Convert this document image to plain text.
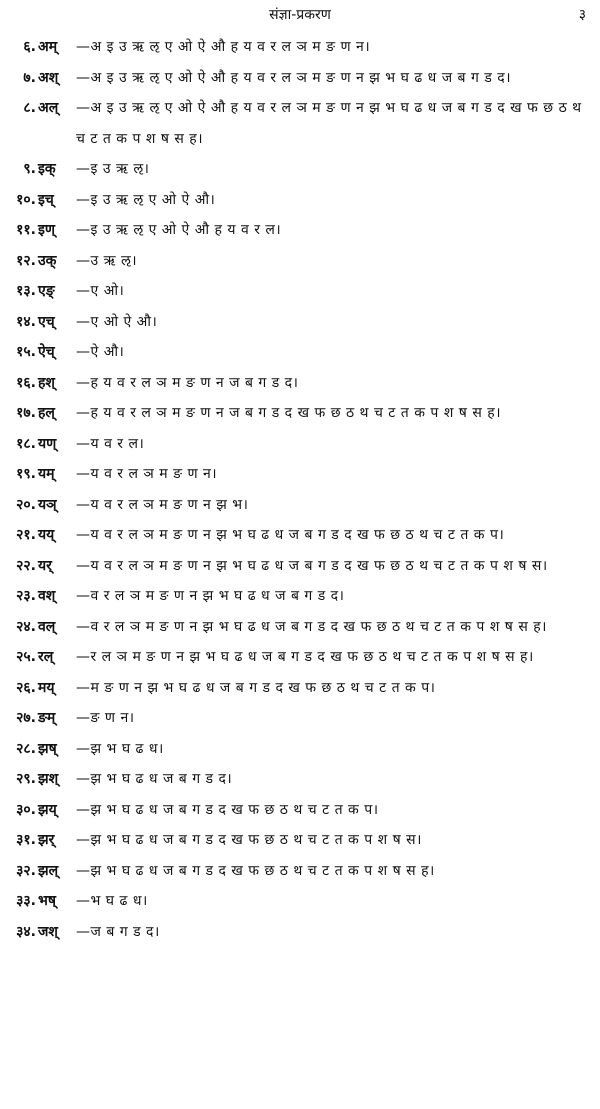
संज्ञा-प्रकरण	३
६. अम् —अ इ उ ऋ ऌ ए ओ ऐ औ ह य व र ल ञ म ङ ण न।
७. अश् —अ इ उ ऋ ऌ ए ओ ऐ औ ह य व र ल ञ म ङ ण न झ भ घ ढ ध ज ब ग ड द।
८. अल् —अ इ उ ऋ ऌ ए ओ ऐ औ ह य व र ल ञ म ङ ण न झ भ घ ढ ध ज ब ग ड द ख फ छ ठ थ च ट त क प श ष स ह।
९. इक् —इ उ ऋ ऌ।
१०. इच् —इ उ ऋ ऌ ए ओ ऐ औ।
११. इण् —इ उ ऋ ऌ ए ओ ऐ औ ह य व र ल।
१२. उक् —उ ऋ ऌ।
१३. एङ् —ए ओ।
१४. एच् —ए ओ ऐ औ।
१५. ऐच् —ऐ औ।
१६. हश् —ह य व र ल ञ म ङ ण न ज ब ग ड द।
१७. हल् —ह य व र ल ञ म ङ ण न ज ब ग ड द ख फ छ ठ थ च ट त क प श ष स ह।
१८. यण् —य व र ल।
१९. यम् —य व र ल ञ म ङ ण न।
२०. यञ् —य व र ल ञ म ङ ण न झ भ।
२१. यय् —य व र ल ञ म ङ ण न झ भ घ ढ ध ज ब ग ड द ख फ छ ठ थ च ट त क प।
२२. यर् —य व र ल ञ म ङ ण न झ भ घ ढ ध ज ब ग ड द ख फ छ ठ थ च ट त क प श ष स।
२३. वश् —व र ल ञ म ङ ण न झ भ घ ढ ध ज ब ग ड द।
२४. वल् —व र ल ञ म ङ ण न झ भ घ ढ ध ज ब ग ड द ख फ छ ठ थ च ट त क प श ष स ह।
२५. रल् —र ल ञ म ङ ण न झ भ घ ढ ध ज ब ग ड द ख फ छ ठ थ च ट त क प श ष स ह।
२६. मय् —म ङ ण न झ भ घ ढ ध ज ब ग ड द ख फ छ ठ थ च ट त क प।
२७. ङम् —ङ ण न।
२८. झष् —झ भ घ ढ ध।
२९. झश् —झ भ घ ढ ध ज ब ग ड द।
३०. झय् —झ भ घ ढ ध ज ब ग ड द ख फ छ ठ थ च ट त क प।
३१. झर् —झ भ घ ढ ध ज ब ग ड द ख फ छ ठ थ च ट त क प श ष स।
३२. झल् —झ भ घ ढ ध ज ब ग ड द ख फ छ ठ थ च ट त क प श ष स ह।
३३. भष् —भ घ ढ ध।
३४. जश् —ज ब ग ड द।
